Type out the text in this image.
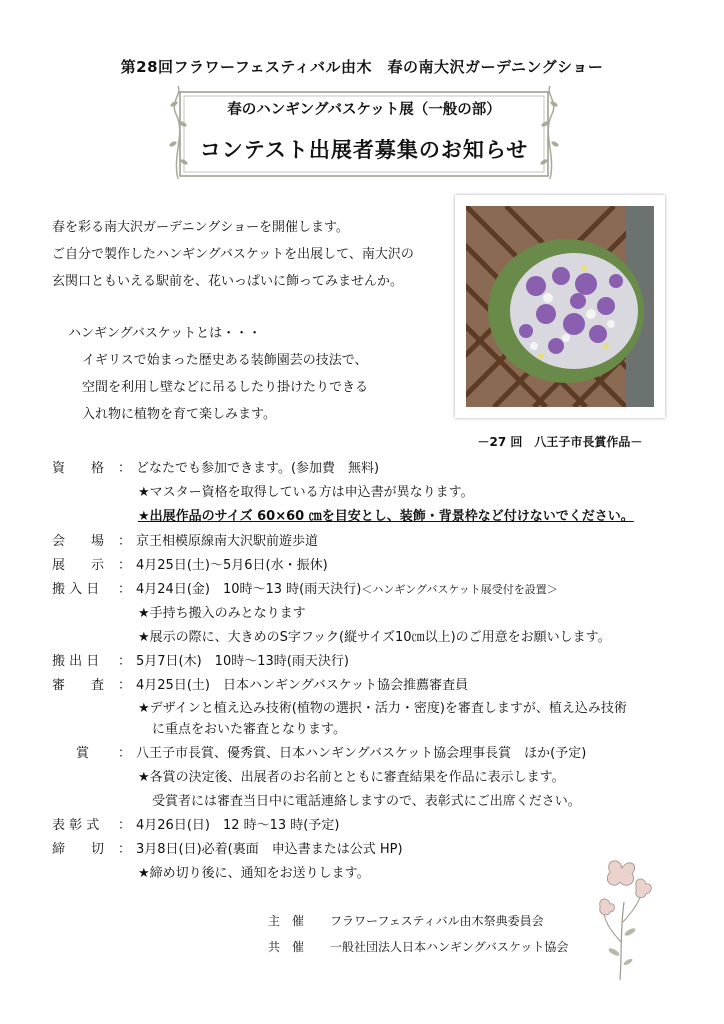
第28回フラワーフェスティバル由木　春の南大沢ガーデニングショー
春のハンギングバスケット展（一般の部）
コンテスト出展者募集のお知らせ
春を彩る南大沢ガーデニングショーを開催します。
ご自分で製作したハンギングバスケットを出展して、南大沢の
玄関口ともいえる駅前を、花いっぱいに飾ってみませんか。
ハンギングバスケットとは・・・
イギリスで始まった歴史ある装飾園芸の技法で、
空間を利用し壁などに吊るしたり掛けたりできる
入れ物に植物を育て楽しみます。
－27 回　八王子市長賞作品－
資　　格	： どなたでも参加できます。(参加費　無料)
★マスター資格を取得している方は申込書が異なります。
★出展作品のサイズ 60×60 ㎝を目安とし、装飾・背景枠など付けないでください。
会　　場	： 京王相模原線南大沢駅前遊歩道
展　　示	： 4月25日(土)～5月6日(水・振休)
搬 入 日	： 4月24日(金)　10時～13 時(雨天決行)＜ハンギングバスケット展受付を設置＞
★手持ち搬入のみとなります
★展示の際に、大きめのS字フック(縦サイズ10㎝以上)のご用意をお願いします。
搬 出 日	： 5月7日(木)　10時～13時(雨天決行)
審　　査	： 4月25日(土)　日本ハンギングバスケット協会推薦審査員
★デザインと植え込み技術(植物の選択・活力・密度)を審査しますが、植え込み技術
に重点をおいた審査となります。
賞	： 八王子市長賞、優秀賞、日本ハンギングバスケット協会理事長賞　ほか(予定)
★各賞の決定後、出展者のお名前とともに審査結果を作品に表示します。
受賞者には審査当日中に電話連絡しますので、表彰式にご出席ください。
表 彰 式	： 4月26日(日)　12 時～13 時(予定)
締　　切	： 3月8日(日)必着(裏面　申込書または公式 HP)
★締め切り後に、通知をお送りします。
主　催 フラワーフェスティバル由木祭典委員会
共　催 一般社団法人日本ハンギングバスケット協会
